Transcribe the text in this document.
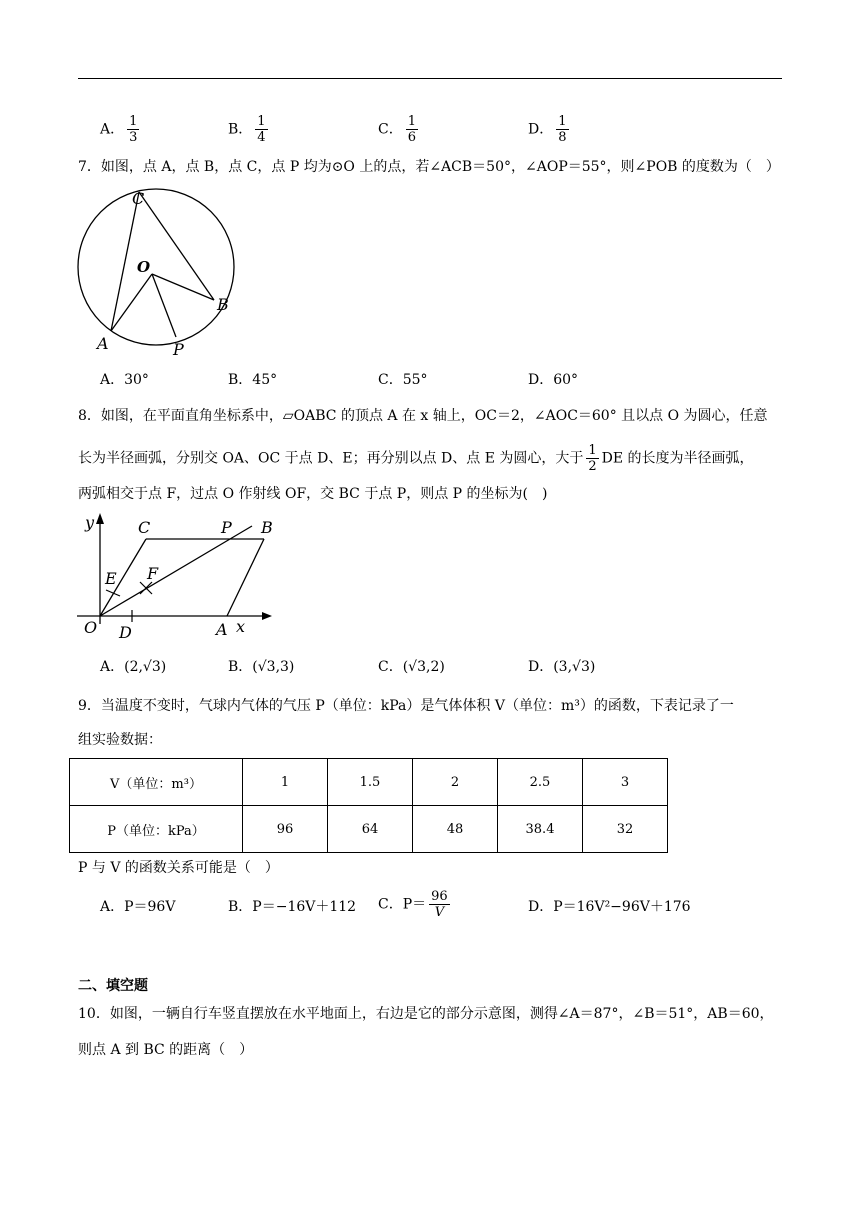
A． $\frac{1}{3}$	B． $\frac{1}{4}$	C． $\frac{1}{6}$	D． $\frac{1}{8}$
7．如图，点 A，点 B，点 C，点 P 均为⊙O 上的点，若∠ACB＝50°，∠AOP＝55°，则∠POB 的度数为（　）
C
O
B
A	P
A．30°	B．45°	C．55°	D．60°
8．如图，在平面直角坐标系中，▱OABC 的顶点 A 在 x 轴上，OC＝2，∠AOC＝60° 且以点 O 为圆心，任意
长为半径画弧，分别交 OA、OC 于点 D、E；再分别以点 D、点 E 为圆心，大于 $\frac{1}{2}$ DE 的长度为半径画弧，
两弧相交于点 F，过点 O 作射线 OF，交 BC 于点 P，则点 P 的坐标为(　)
y
x
C	P B
E F
O D	A
A．(2,√3)	B．(√3,3)	C．(√3,2)	D．(3,√3)
9．当温度不变时，气球内气体的气压 P（单位：kPa）是气体体积 V（单位：m³）的函数，下表记录了一
组实验数据：
V（单位：m³）	1	1.5	2	2.5	3
P（单位：kPa）	96	64	48	38.4	32
P 与 V 的函数关系可能是（　）
A．P＝96V	B．P＝−16V＋112 C．$P= \frac{96}{V}$	D．P＝16V²−96V＋176
二、填空题
10．如图，一辆自行车竖直摆放在水平地面上，右边是它的部分示意图，测得∠A＝87°，∠B＝51°，AB＝60，
则点 A 到 BC 的距离（　）
